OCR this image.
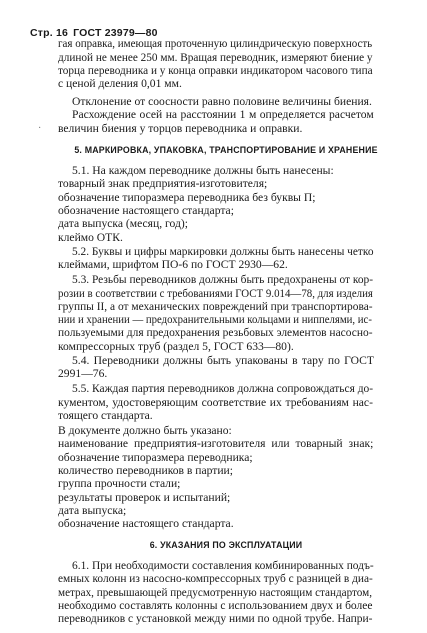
Стр. 16 ГОСТ 23979—80
·
гая оправка, имеющая проточенную цилиндрическую поверхность
длиной не менее 250 мм. Вращая переводник, измеряют биение у
торца переводника и у конца оправки индикатором часового типа
с ценой деления 0,01 мм.
Отклонение от соосности равно половине величины биения.
Расхождение осей на расстоянии 1 м определяется расчетом
величин биения у торцов переводника и оправки.
5. МАРКИРОВКА, УПАКОВКА, ТРАНСПОРТИРОВАНИЕ И ХРАНЕНИЕ
5.1. На каждом переводнике должны быть нанесены:
товарный знак предприятия-изготовителя;
обозначение типоразмера переводника без буквы П;
обозначение настоящего стандарта;
дата выпуска (месяц, год);
клеймо ОТК.
5.2. Буквы и цифры маркировки должны быть нанесены четко
клеймами, шрифтом ПО-6 по ГОСТ 2930—62.
5.3. Резьбы переводников должны быть предохранены от кор-
розии в соответствии с требованиями ГОСТ 9.014—78, для изделия
группы II, а от механических повреждений при транспортирова-
нии и хранении — предохранительными кольцами и ниппелями, ис-
пользуемыми для предохранения резьбовых элементов насосно-
компрессорных труб (раздел 5, ГОСТ 633—80).
5.4. Переводники должны быть упакованы в тару по ГОСТ
2991—76.
5.5. Каждая партия переводников должна сопровождаться до-
кументом, удостоверяющим соответствие их требованиям нас-
тоящего стандарта.
В документе должно быть указано:
наименование предприятия-изготовителя или товарный знак;
обозначение типоразмера переводника;
количество переводников в партии;
группа прочности стали;
результаты проверок и испытаний;
дата выпуска;
обозначение настоящего стандарта.
6. УКАЗАНИЯ ПО ЭКСПЛУАТАЦИИ
6.1. При необходимости составления комбинированных подъ-
емных колонн из насосно-компрессорных труб с разницей в диа-
метрах, превышающей предусмотренную настоящим стандартом,
необходимо составлять колонны с использованием двух и более
переводников с установкой между ними по одной трубе. Напри-
